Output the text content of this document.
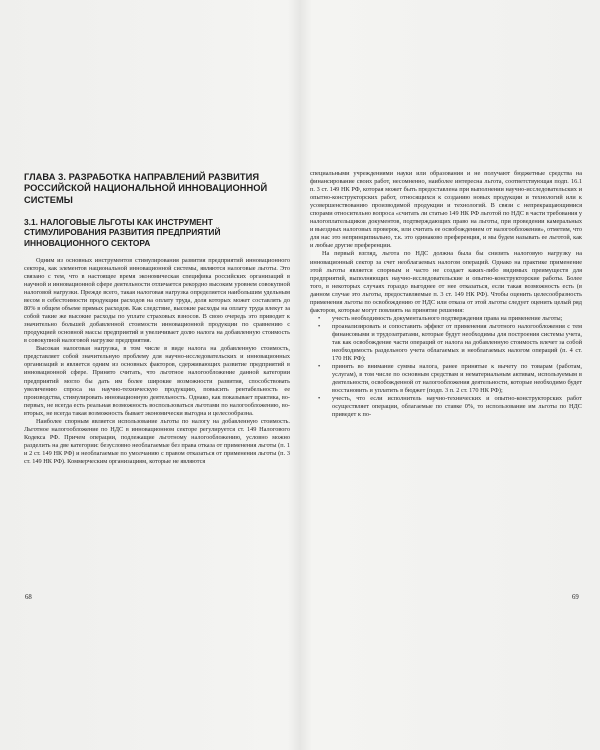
ГЛАВА 3. РАЗРАБОТКА НАПРАВЛЕНИЙ РАЗВИТИЯ РОССИЙСКОЙ НАЦИОНАЛЬНОЙ ИННОВАЦИОННОЙ СИСТЕМЫ
3.1. НАЛОГОВЫЕ ЛЬГОТЫ КАК ИНСТРУМЕНТ СТИМУЛИРОВАНИЯ РАЗВИТИЯ ПРЕДПРИЯТИЙ ИННОВАЦИОННОГО СЕКТОРА

Одним из основных инструментов стимулирования развития предприятий инновационного сектора, как элементов национальной инновационной системы, являются налоговые льготы. Это связано с тем, что в настоящее время экономическая специфика российских организаций в научной и инновационной сфере деятельности отличается рекордно высоким уровнем совокупной налоговой нагрузки. Прежде всего, такая налоговая нагрузка определяется наибольшим удельным весом в себестоимости продукции расходов на оплату труда, доля которых может составлять до 80% в общем объеме прямых расходов. Как следствие, высокие расходы на оплату труда влекут за собой такие же высокие расходы по уплате страховых взносов. В свою очередь это приводит к значительно большей добавленной стоимости инновационной продукции по сравнению с продукцией основной массы предприятий и увеличивает долю налога на добавленную стоимость в совокупной налоговой нагрузке предприятия.

Высокая налоговая нагрузка, в том числе в виде налога на добавленную стоимость, представляет собой значительную проблему для научно-исследовательских и инновационных организаций и является одним из основных факторов, сдерживающих развитие предприятий в инновационной сфере. Принято считать, что льготное налогообложение данной категории предприятий могло бы дать им более широкие возможности развития, способствовать увеличению спроса на научно-техническую продукцию, повысить рентабельность ее производства, стимулировать инновационную деятельность. Однако, как показывает практика, во-первых, не всегда есть реальная возможность воспользоваться льготами по налогообложению, во-вторых, не всегда такая возможность бывает экономически выгодна и целесообразна.

Наиболее спорным является использование льготы по налогу на добавленную стоимость. Льготное налогообложение по НДС в инновационном секторе регулируется ст. 149 Налогового Кодекса РФ. Причем операции, подлежащие льготному налогообложению, условно можно разделить на две категории: безусловно необлагаемые без права отказа от применения льготы (п. 1 и 2 ст. 149 НК РФ) и необлагаемые по умолчанию с правом отказаться от применения льготы (п. 3 ст. 149 НК РФ). Коммерческим организациям, которые не являются

68

специальными учреждениями науки или образования и не получают бюджетные средства на финансирование своих работ, несомненно, наиболее интересна льгота, соответствующая подп. 16.1 п. 3 ст. 149 НК РФ, которая может быть предоставлена при выполнении научно-исследовательских и опытно-конструкторских работ, относящихся к созданию новых продукции и технологий или к усовершенствованию производимой продукции и технологий. В связи с непрекращающимися спорами относительно вопроса «считать ли статью 149 НК РФ льготой по НДС в части требования у налогоплательщиков документов, подтверждающих право на льготы, при проведении камеральных и выездных налоговых проверок, или считать ее освобождением от налогообложения», отметим, что для нас это непринципиально, т.к. это одинаково преференция, и мы будем называть ее льготой, как и любые другие преференции.

На первый взгляд, льгота по НДС должна была бы снизить налоговую нагрузку на инновационный сектор за счет необлагаемых налогом операций. Однако на практике применение этой льготы является спорным и часто не создает каких-либо видимых преимуществ для предприятий, выполняющих научно-исследовательские и опытно-конструкторские работы. Более того, в некоторых случаях гораздо выгоднее от нее отказаться, если такая возможность есть (в данном случае это льготы, предоставляемые п. 3 ст. 149 НК РФ). Чтобы оценить целесообразность применения льготы по освобождению от НДС или отказа от этой льготы следует оценить целый ряд факторов, которые могут повлиять на принятие решения:

• учесть необходимость документального подтверждения права на применение льготы;
• проанализировать и сопоставить эффект от применения льготного налогообложения с тем финансовыми и трудозатратами, которые будут необходимы для построения системы учета, так как освобождение части операций от налога на добавленную стоимость влечет за собой необходимость раздельного учета облагаемых и необлагаемых налогом операций (п. 4 ст. 170 НК РФ);
• принять во внимание суммы налога, ранее принятые к вычету по товарам (работам, услугам), в том числе по основным средствам и нематериальным активам, используемым в деятельности, освобожденной от налогообложения деятельности, которые необходимо будет восстановить и уплатить в бюджет (подп. 3 п. 2 ст. 170 НК РФ);
• учесть, что если исполнитель научно-технических и опытно-конструкторских работ осуществляет операции, облагаемые по ставке 0%, то использование им льготы по НДС приведет к по-
69
